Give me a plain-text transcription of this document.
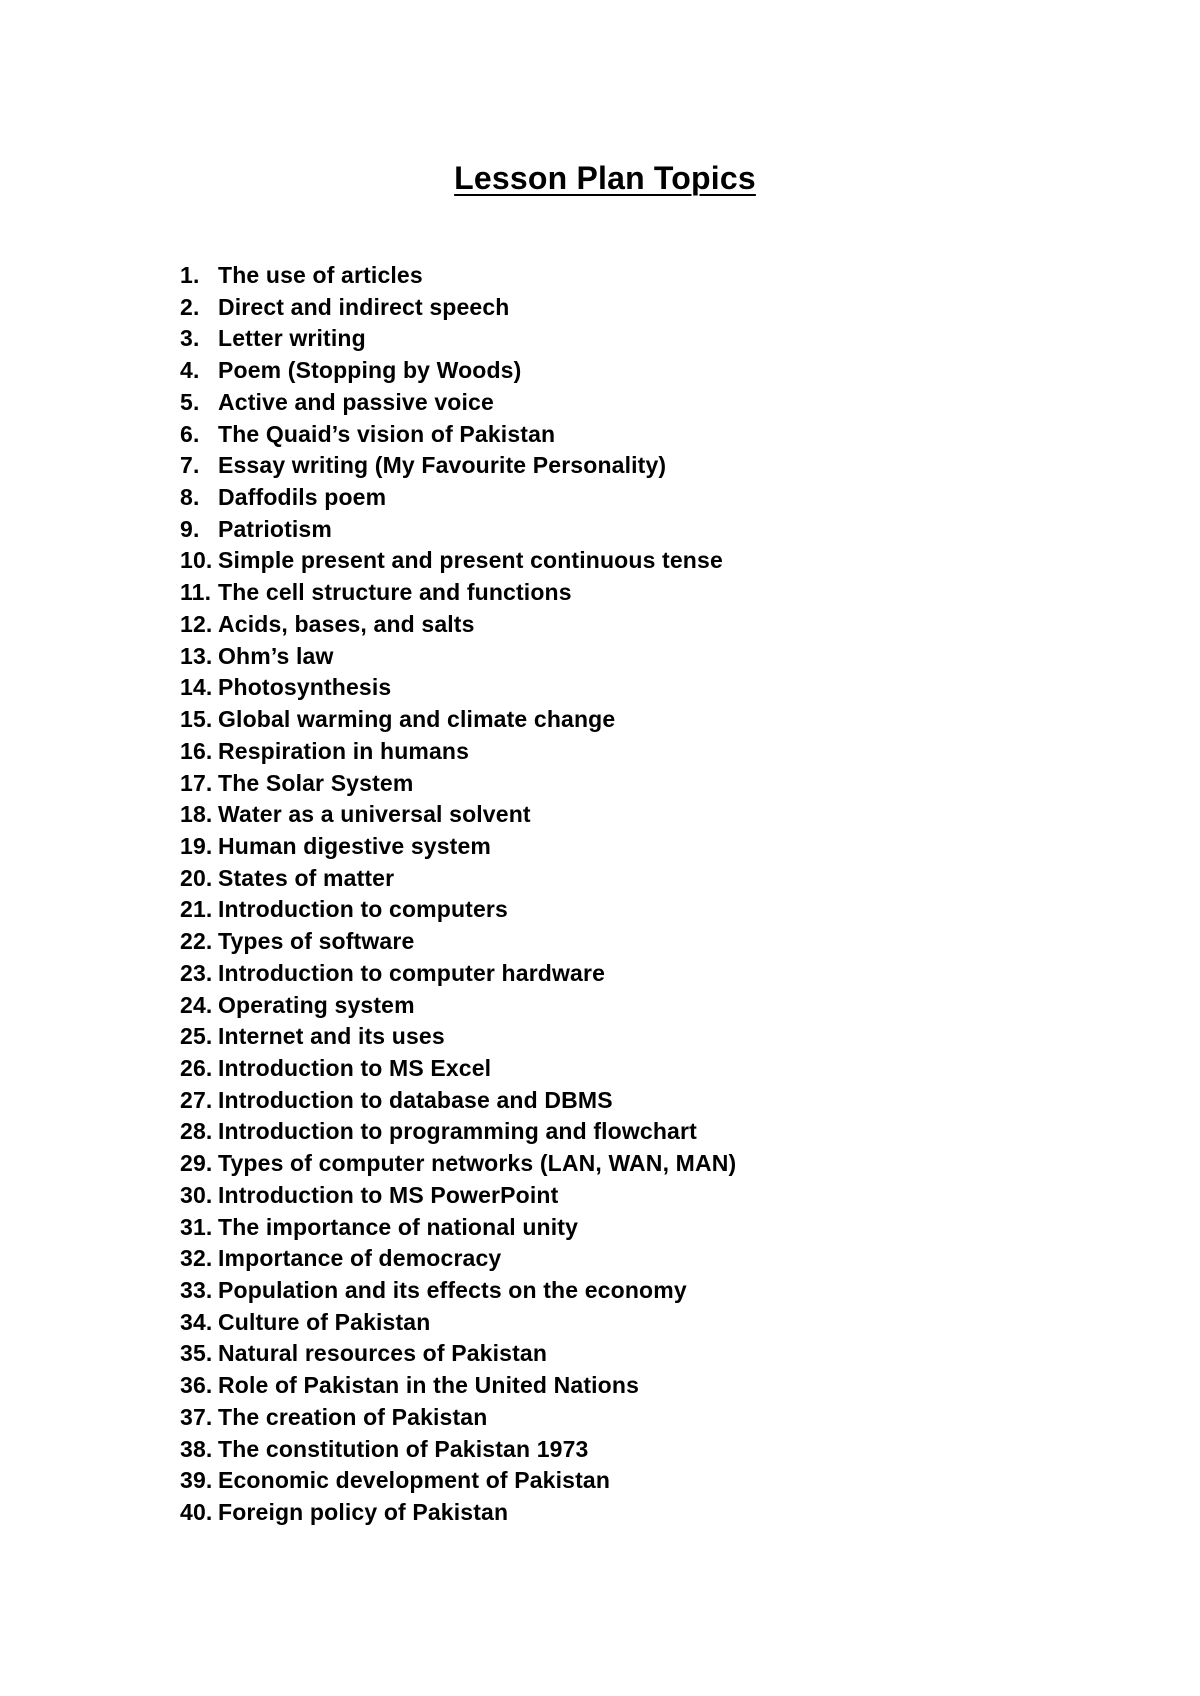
Lesson Plan Topics
1. The use of articles
2. Direct and indirect speech
3. Letter writing
4. Poem (Stopping by Woods)
5. Active and passive voice
6. The Quaid’s vision of Pakistan
7. Essay writing (My Favourite Personality)
8. Daffodils poem
9. Patriotism
10. Simple present and present continuous tense
11. The cell structure and functions
12. Acids, bases, and salts
13. Ohm’s law
14. Photosynthesis
15. Global warming and climate change
16. Respiration in humans
17. The Solar System
18. Water as a universal solvent
19. Human digestive system
20. States of matter
21. Introduction to computers
22. Types of software
23. Introduction to computer hardware
24. Operating system
25. Internet and its uses
26. Introduction to MS Excel
27. Introduction to database and DBMS
28. Introduction to programming and flowchart
29. Types of computer networks (LAN, WAN, MAN)
30. Introduction to MS PowerPoint
31. The importance of national unity
32. Importance of democracy
33. Population and its effects on the economy
34. Culture of Pakistan
35. Natural resources of Pakistan
36. Role of Pakistan in the United Nations
37. The creation of Pakistan
38. The constitution of Pakistan 1973
39. Economic development of Pakistan
40. Foreign policy of Pakistan
